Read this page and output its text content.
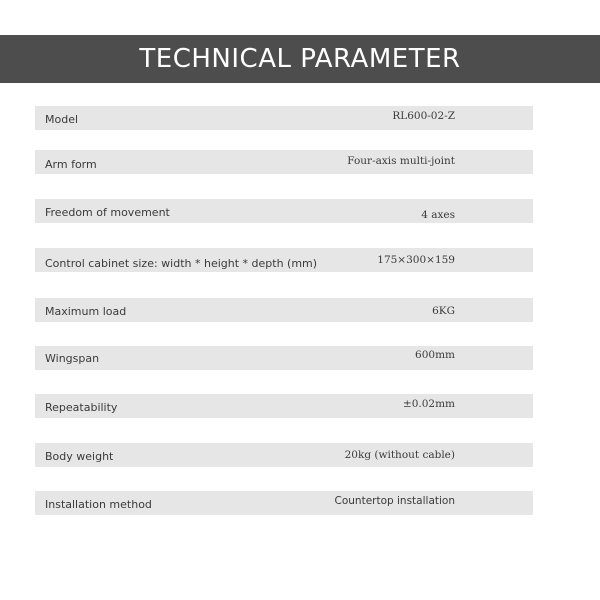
TECHNICAL PARAMETER
Model	RL600-02-Z
Arm form	Four-axis multi-joint
Freedom of movement	4 axes
Control cabinet size: width * height * depth (mm)	175×300×159
Maximum load	6KG
Wingspan	600mm
Repeatability	±0.02mm
Body weight	20kg (without cable)
Installation method	Countertop installation
